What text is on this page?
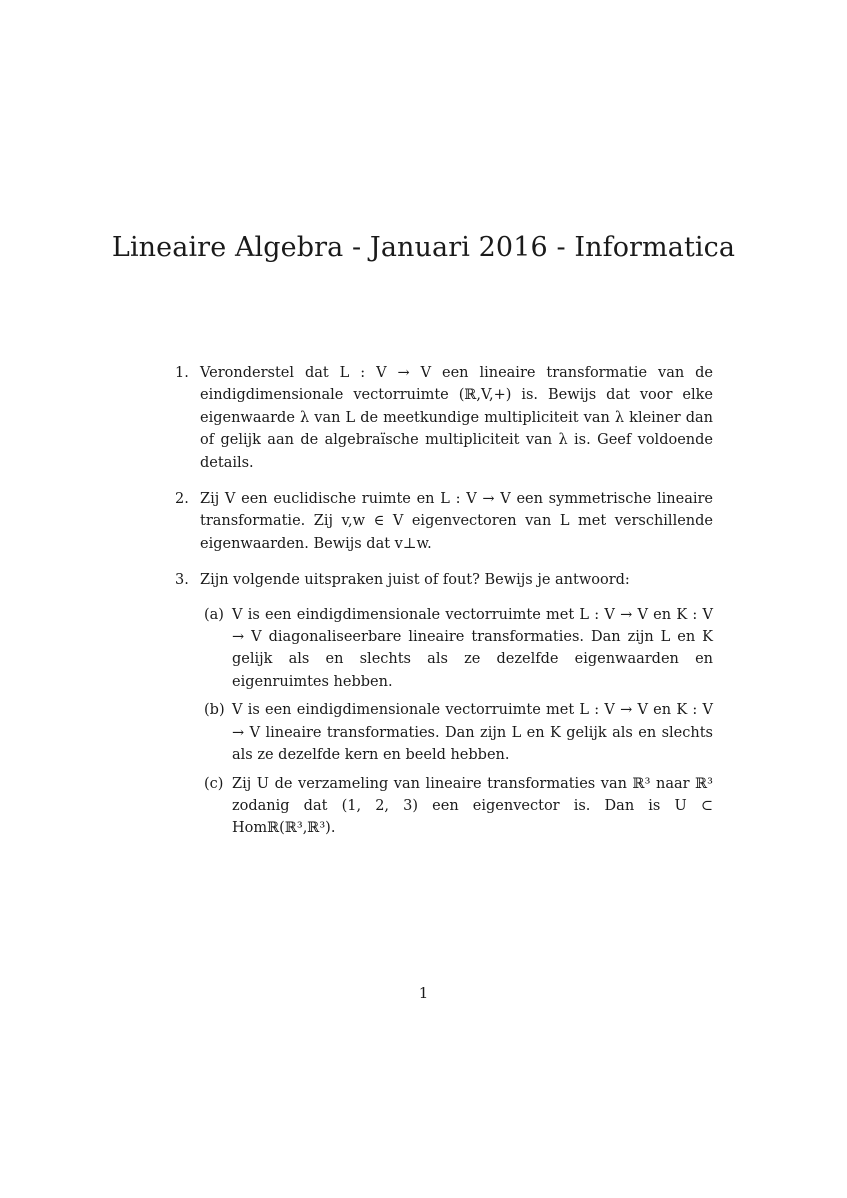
Lineaire Algebra - Januari 2016 - Informatica
1. Veronderstel dat L : V → V een lineaire transformatie van de eindigdimensionale vectorruimte (ℝ,V,+) is. Bewijs dat voor elke eigenwaarde λ van L de meetkundige multipliciteit van λ kleiner dan of gelijk aan de algebraïsche multipliciteit van λ is. Geef voldoende details.
2. Zij V een euclidische ruimte en L : V → V een symmetrische lineaire transformatie. Zij v,w ∈ V eigenvectoren van L met verschillende eigenwaarden. Bewijs dat v⊥w.
3. Zijn volgende uitspraken juist of fout? Bewijs je antwoord:
(a) V is een eindigdimensionale vectorruimte met L : V → V en K : V → V diagonaliseerbare lineaire transformaties. Dan zijn L en K gelijk als en slechts als ze dezelfde eigenwaarden en eigenruimtes hebben.
(b) V is een eindigdimensionale vectorruimte met L : V → V en K : V → V lineaire transformaties. Dan zijn L en K gelijk als en slechts als ze dezelfde kern en beeld hebben.
(c) Zij U de verzameling van lineaire transformaties van ℝ³ naar ℝ³ zodanig dat (1, 2, 3) een eigenvector is. Dan is U ⊂ Homℝ(ℝ³,ℝ³).
1
